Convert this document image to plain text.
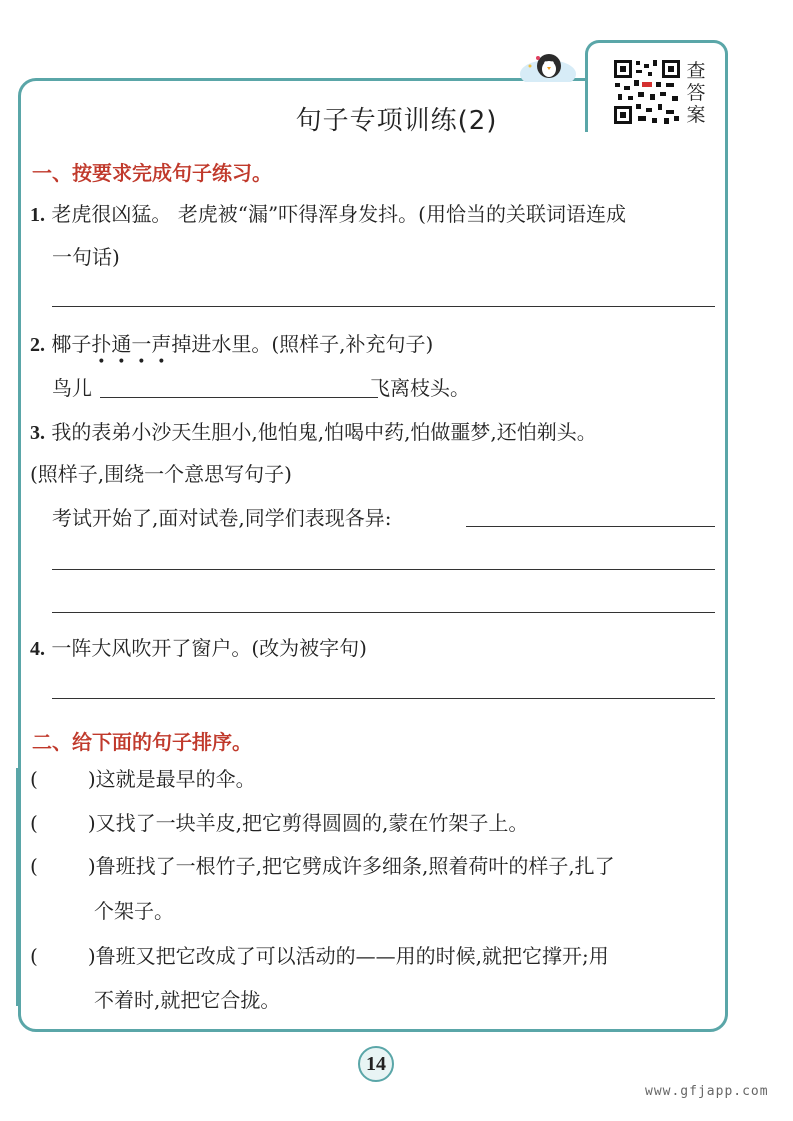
查答案
句子专项训练(2)
一、按要求完成句子练习。
1. 老虎很凶猛。 老虎被“漏”吓得浑身发抖。(用恰当的关联词语连成
一句话)
2. 椰子扑通一声掉进水里。(照样子,补充句子)
鸟儿	飞离枝头。
3. 我的表弟小沙天生胆小,他怕鬼,怕喝中药,怕做噩梦,还怕剃头。
(照样子,围绕一个意思写句子)
考试开始了,面对试卷,同学们表现各异:
4. 一阵大风吹开了窗户。(改为被字句)
二、给下面的句子排序。
(	)这就是最早的伞。
(	)又找了一块羊皮,把它剪得圆圆的,蒙在竹架子上。
(	)鲁班找了一根竹子,把它劈成许多细条,照着荷叶的样子,扎了
个架子。
(	)鲁班又把它改成了可以活动的——用的时候,就把它撑开;用
不着时,就把它合拢。
14
www.gfjapp.com
